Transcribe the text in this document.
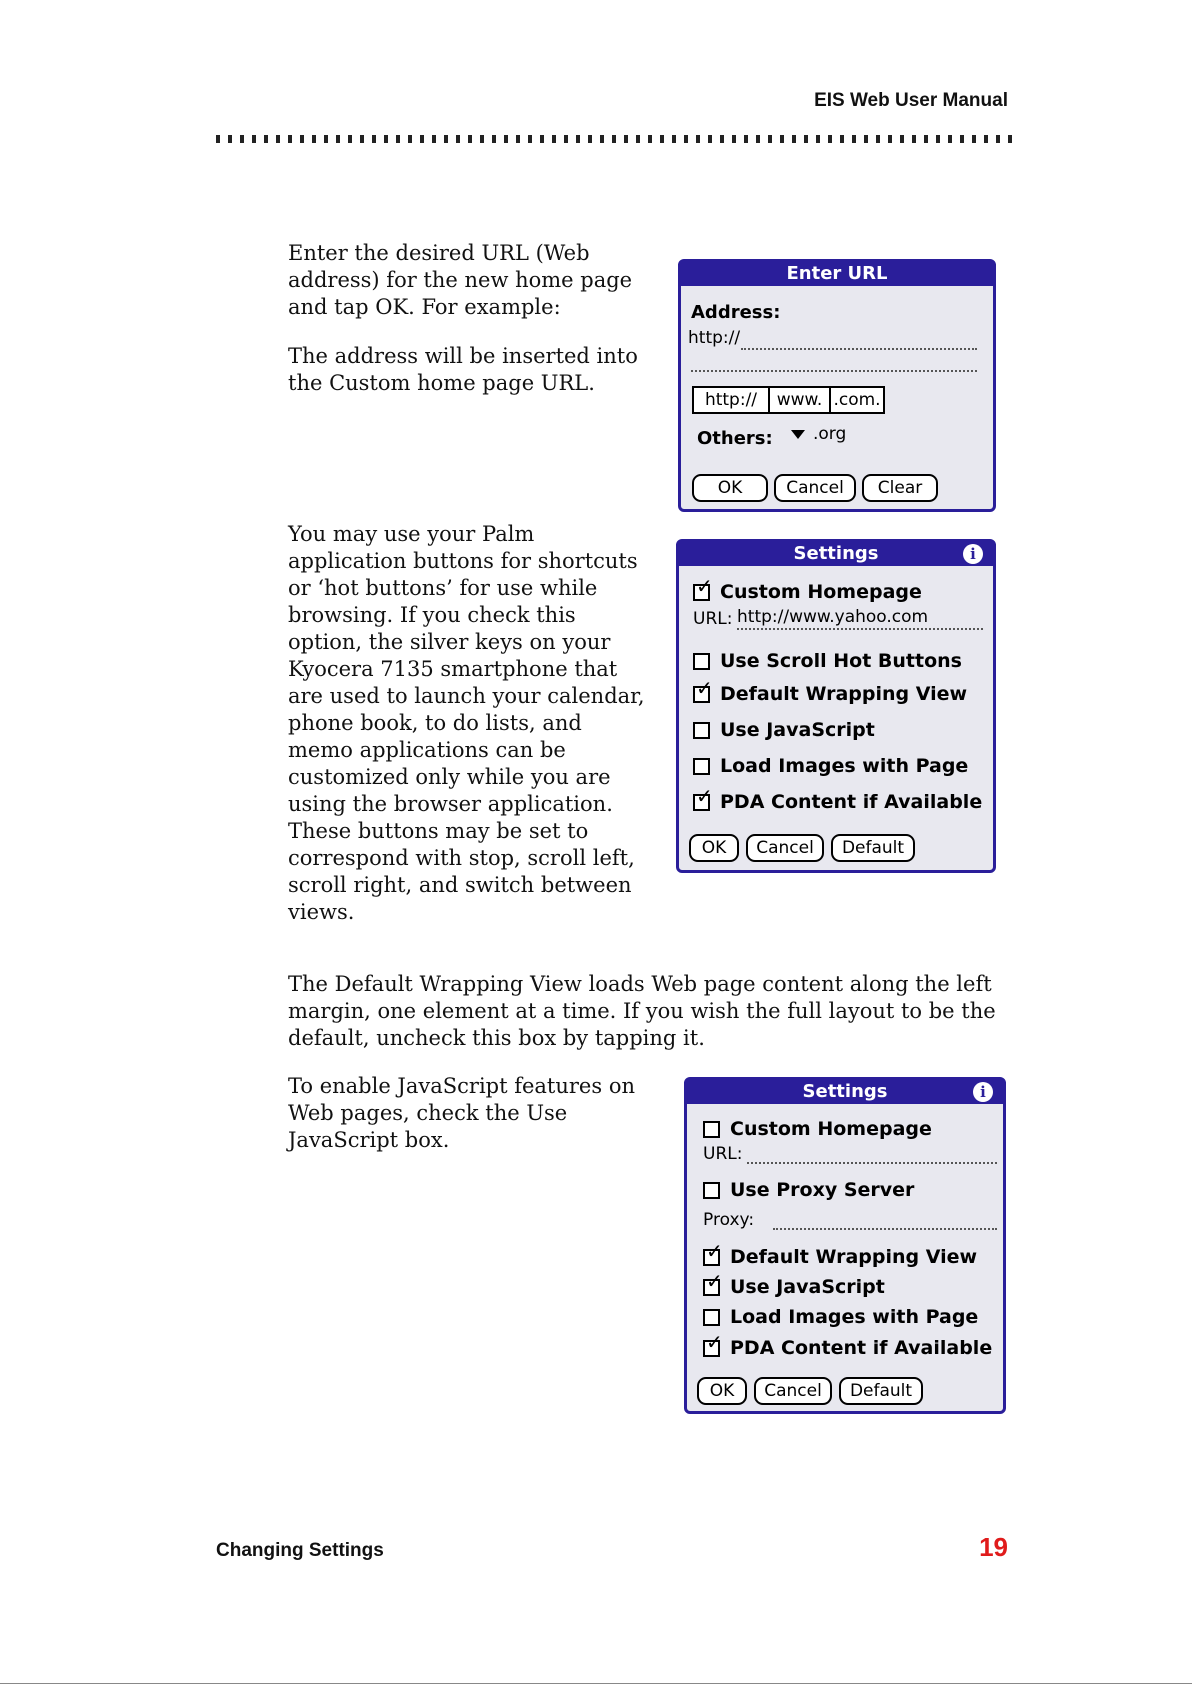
EIS Web User Manual

Enter the desired URL (Web address) for the new home page and tap OK. For example:

The address will be inserted into the Custom home page URL.

You may use your Palm application buttons for shortcuts or ‘hot buttons’ for use while browsing. If you check this option, the silver keys on your Kyocera 7135 smartphone that are used to launch your calendar, phone book, to do lists, and memo applications can be customized only while you are using the browser application. These buttons may be set to correspond with stop, scroll left, scroll right, and switch between views.

The Default Wrapping View loads Web page content along the left margin, one element at a time. If you wish the full layout to be the default, uncheck this box by tapping it.

To enable JavaScript features on Web pages, check the Use JavaScript box.

Enter URL
Address:
http://
http://	www. .com.
Others:	.org
OK	Cancel	Clear
Settings	i
✓ Custom Homepage
URL: http://www.yahoo.com
Use Scroll Hot Buttons
✓ Default Wrapping View
Use JavaScript
Load Images with Page
✓ PDA Content if Available
OK	Cancel	Default
Settings	i
Custom Homepage
URL:
Use Proxy Server
Proxy:
✓ Default Wrapping View
✓ Use JavaScript
Load Images with Page
✓ PDA Content if Available
OK	Cancel	Default
Changing Settings	19
